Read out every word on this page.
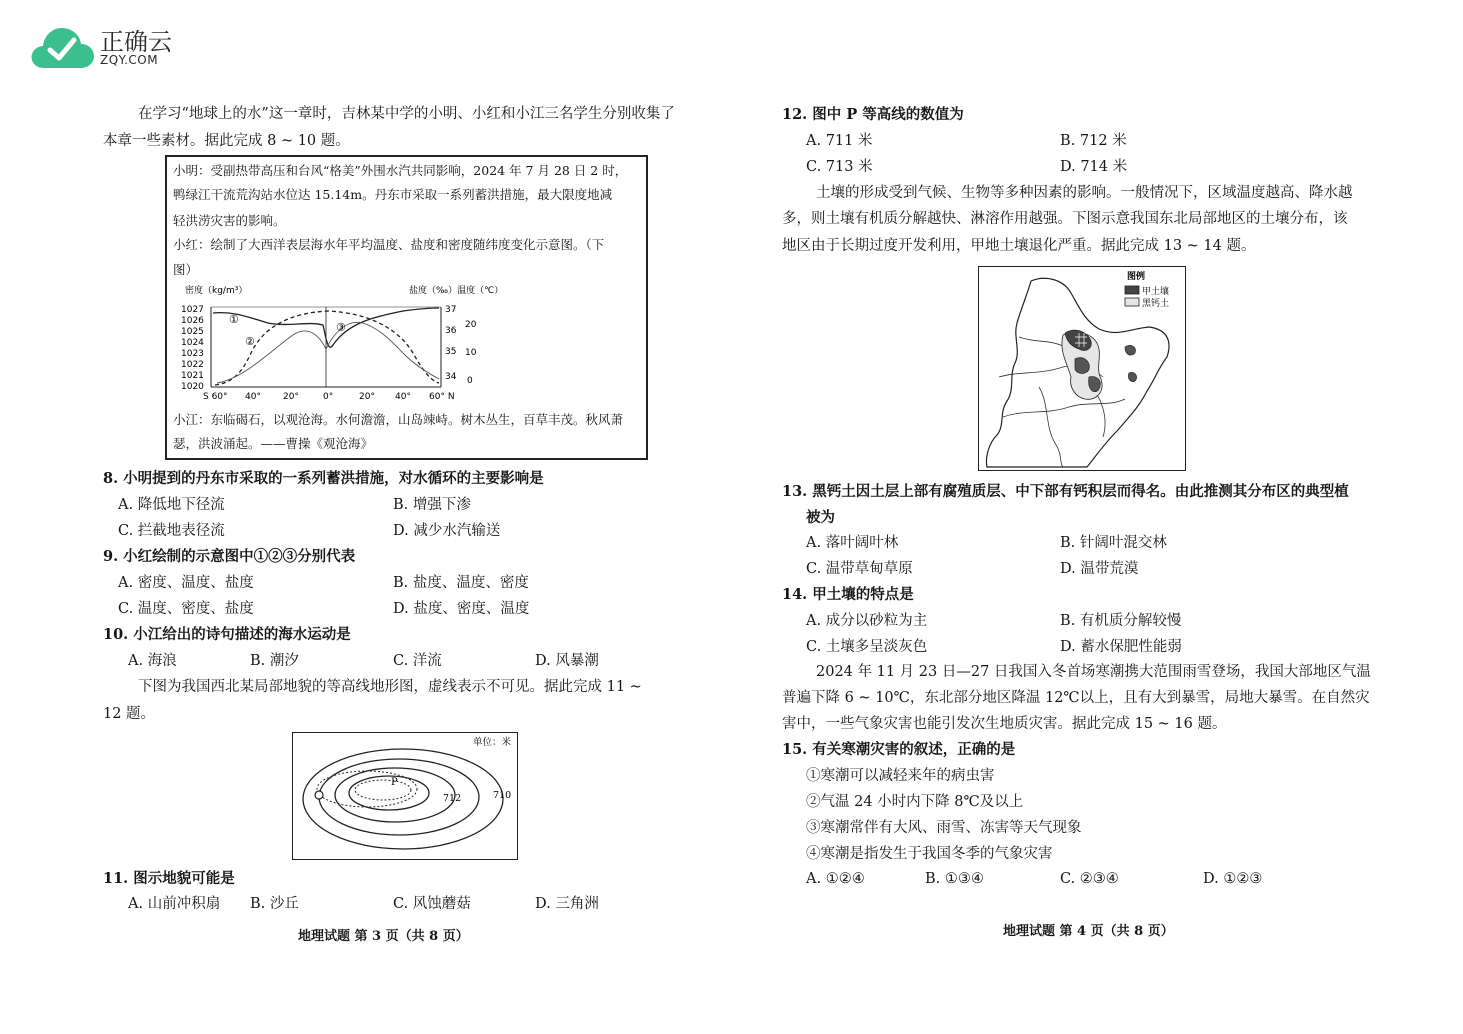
正确云
ZQY.COM
在学习“地球上的水”这一章时，吉林某中学的小明、小红和小江三名学生分别收集了
本章一些素材。据此完成 8 ~ 10 题。
小明：受副热带高压和台风“格美”外围水汽共同影响，2024 年 7 月 28 日 2 时，
鸭绿江干流荒沟站水位达 15.14m。丹东市采取一系列蓄洪措施，最大限度地减
轻洪涝灾害的影响。
小红：绘制了大西洋表层海水年平均温度、盐度和密度随纬度变化示意图。（下
图）
密度（kg/m³）	盐度（‰）温度（℃）
1027
1026
1025
1024
1023
1022
1021
1020
37
36
35
34
20
10
0
S 60° 40° 20°	0°	20° 40° 60° N
①
②
③
小江：东临碣石，以观沧海。水何澹澹，山岛竦峙。树木丛生，百草丰茂。秋风萧
瑟，洪波涌起。——曹操《观沧海》
8. 小明提到的丹东市采取的一系列蓄洪措施，对水循环的主要影响是
A. 降低地下径流	B. 增强下渗
C. 拦截地表径流	D. 减少水汽输送
9. 小红绘制的示意图中①②③分别代表
A. 密度、温度、盐度	B. 盐度、温度、密度
C. 温度、密度、盐度	D. 盐度、密度、温度
10. 小江给出的诗句描述的海水运动是
A. 海浪	B. 潮汐	C. 洋流	D. 风暴潮
下图为我国西北某局部地貌的等高线地形图，虚线表示不可见。据此完成 11 ~
12 题。
单位：米
P
712	710
11. 图示地貌可能是
A. 山前冲积扇 B. 沙丘	C. 风蚀蘑菇	D. 三角洲
地理试题 第 3 页（共 8 页）
12. 图中 P 等高线的数值为
A. 711 米	B. 712 米
C. 713 米	D. 714 米
土壤的形成受到气候、生物等多种因素的影响。一般情况下，区域温度越高、降水越
多，则土壤有机质分解越快、淋溶作用越强。下图示意我国东北局部地区的土壤分布，该
地区由于长期过度开发利用，甲地土壤退化严重。据此完成 13 ~ 14 题。
图例
甲土壤
黑钙土
13. 黑钙土因土层上部有腐殖质层、中下部有钙积层而得名。由此推测其分布区的典型植
被为
A. 落叶阔叶林	B. 针阔叶混交林
C. 温带草甸草原	D. 温带荒漠
14. 甲土壤的特点是
A. 成分以砂粒为主	B. 有机质分解较慢
C. 土壤多呈淡灰色	D. 蓄水保肥性能弱
2024 年 11 月 23 日—27 日我国入冬首场寒潮携大范围雨雪登场，我国大部地区气温
普遍下降 6 ~ 10℃，东北部分地区降温 12℃以上，且有大到暴雪，局地大暴雪。在自然灾
害中，一些气象灾害也能引发次生地质灾害。据此完成 15 ~ 16 题。
15. 有关寒潮灾害的叙述，正确的是
①寒潮可以减轻来年的病虫害
②气温 24 小时内下降 8℃及以上
③寒潮常伴有大风、雨雪、冻害等天气现象
④寒潮是指发生于我国冬季的气象灾害
A. ①②④	B. ①③④	C. ②③④	D. ①②③
地理试题 第 4 页（共 8 页）
